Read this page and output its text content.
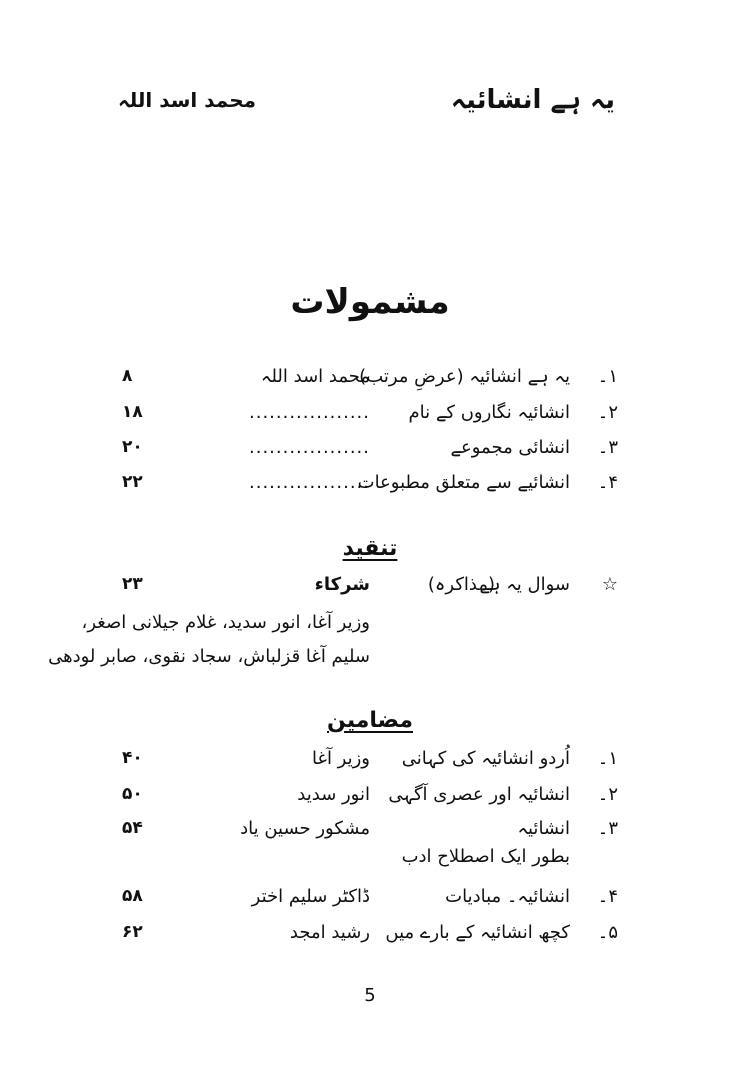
یہ ہے انشائیہ
محمد اسد اللہ
مشمولات
۱۔
یہ ہے انشائیہ (عرضِ مرتب)
محمد اسد اللہ
۸
۲۔
انشائیہ نگاروں کے نام
..................
۱۸
۳۔
انشائی مجموعے
..................
۲۰
۴۔
انشائیے سے متعلق مطبوعات
..................
۲۲
تنقید
☆
سوال یہ ہے
(مذاکرہ)
شرکاء
۲۳
وزیر آغا، انور سدید، غلام جیلانی اصغر،
سلیم آغا قزلباش، سجاد نقوی، صابر لودھی
مضامین
۱۔
اُردو انشائیہ کی کہانی
وزیر آغا
۴۰
۲۔
انشائیہ اور عصری آگہی
انور سدید
۵۰
۳۔
انشائیہ
مشکور حسین یاد
۵۴
بطور ایک اصطلاح ادب
۴۔
انشائیہ۔ مبادیات
ڈاکٹر سلیم اختر
۵۸
۵۔
کچھ انشائیہ کے بارے میں
رشید امجد
۶۲
5
